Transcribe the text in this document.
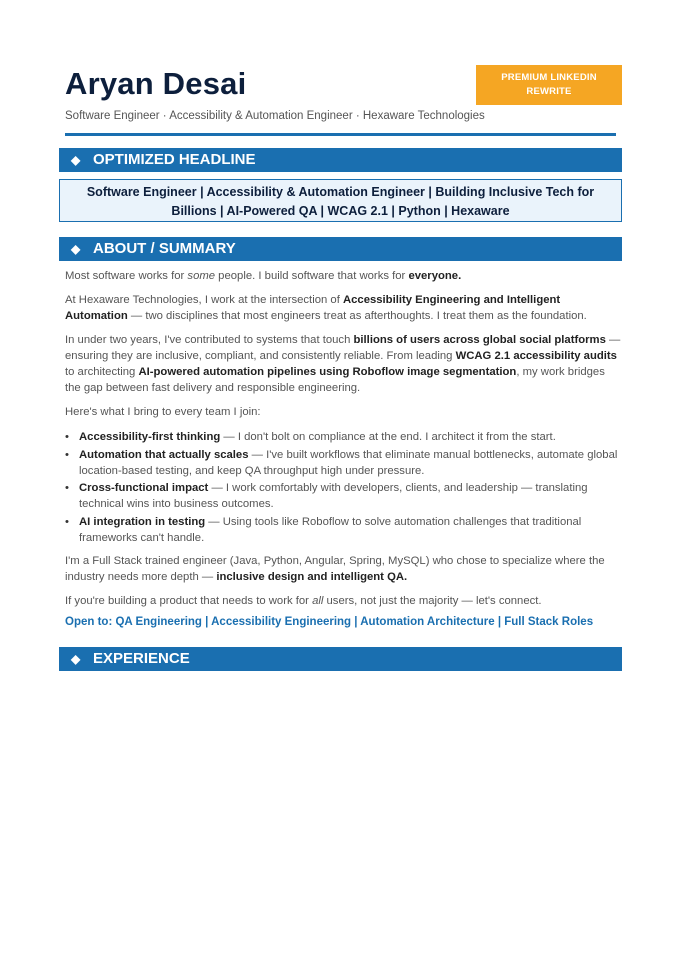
Aryan Desai	PREMIUM LINKEDIN
REWRITE
Software Engineer · Accessibility & Automation Engineer · Hexaware Technologies
◆ OPTIMIZED HEADLINE
Software Engineer | Accessibility & Automation Engineer | Building Inclusive Tech for
Billions | AI-Powered QA | WCAG 2.1 | Python | Hexaware
◆ ABOUT / SUMMARY
Most software works for some people. I build software that works for everyone.
At Hexaware Technologies, I work at the intersection of Accessibility Engineering and Intelligent Automation — two disciplines that most engineers treat as afterthoughts. I treat them as the foundation.
In under two years, I've contributed to systems that touch billions of users across global social platforms — ensuring they are inclusive, compliant, and consistently reliable. From leading WCAG 2.1 accessibility audits to architecting AI-powered automation pipelines using Roboflow image segmentation, my work bridges the gap between fast delivery and responsible engineering.
Here's what I bring to every team I join:
• Accessibility-first thinking — I don't bolt on compliance at the end. I architect it from the start.
• Automation that actually scales — I've built workflows that eliminate manual bottlenecks, automate global location-based testing, and keep QA throughput high under pressure.
• Cross-functional impact — I work comfortably with developers, clients, and leadership — translating technical wins into business outcomes.
• AI integration in testing — Using tools like Roboflow to solve automation challenges that traditional frameworks can't handle.
I'm a Full Stack trained engineer (Java, Python, Angular, Spring, MySQL) who chose to specialize where the industry needs more depth — inclusive design and intelligent QA.
If you're building a product that needs to work for all users, not just the majority — let's connect.
Open to: QA Engineering | Accessibility Engineering | Automation Architecture | Full Stack Roles
◆ EXPERIENCE
